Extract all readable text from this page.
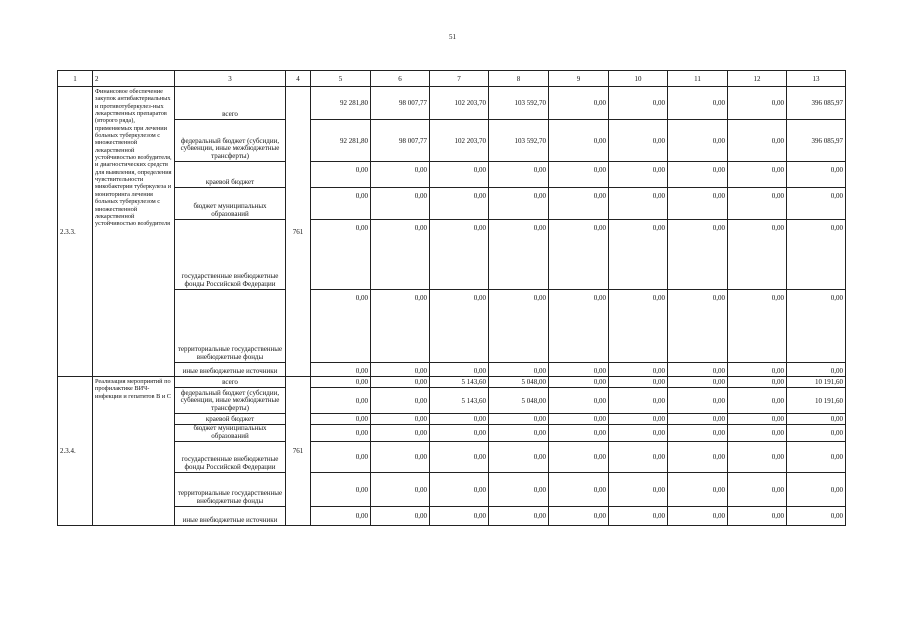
51
1	2	3	4	5	6	7	8	9	10	11	12	13
2.3.3.	Финансовое обеспечение закупок антибактериальных и противотуберкулез-ных лекарственных препаратов (второго ряда), применяемых при лечении больных туберкулезом с множественной лекарственной устойчивостью возбудителя, и диагностических средств для выявления, определения чувствительности микобактерии туберкулеза и мониторинга лечения больных туберкулезом с множественной лекарственной устойчивостью возбудителя	всего	761	92 281,80	98 007,77	102 203,70	103 592,70	0,00	0,00	0,00	0,00	396 085,97
		федеральный бюджет (субсидии, субвенции, иные межбюджетные трансферты)		92 281,80	98 007,77	102 203,70	103 592,70	0,00	0,00	0,00	0,00	396 085,97
		краевой бюджет		0,00	0,00	0,00	0,00	0,00	0,00	0,00	0,00	0,00
		бюджет муниципальных образований		0,00	0,00	0,00	0,00	0,00	0,00	0,00	0,00	0,00
		государственные внебюджетные фонды Российской Федерации		0,00	0,00	0,00	0,00	0,00	0,00	0,00	0,00	0,00
		территориальные государственные внебюджетные фонды		0,00	0,00	0,00	0,00	0,00	0,00	0,00	0,00	0,00
		иные внебюджетные источники		0,00	0,00	0,00	0,00	0,00	0,00	0,00	0,00	0,00
2.3.4.	Реализация мероприятий по профилактике ВИЧ-инфекции и гепатитов В и С	всего	761	0,00	0,00	5 143,60	5 048,00	0,00	0,00	0,00	0,00	10 191,60
		федеральный бюджет (субсидии, субвенции, иные межбюджетные трансферты)		0,00	0,00	5 143,60	5 048,00	0,00	0,00	0,00	0,00	10 191,60
		краевой бюджет		0,00	0,00	0,00	0,00	0,00	0,00	0,00	0,00	0,00
		бюджет муниципальных образований		0,00	0,00	0,00	0,00	0,00	0,00	0,00	0,00	0,00
		государственные внебюджетные фонды Российской Федерации		0,00	0,00	0,00	0,00	0,00	0,00	0,00	0,00	0,00
		территориальные государственные внебюджетные фонды		0,00	0,00	0,00	0,00	0,00	0,00	0,00	0,00	0,00
		иные внебюджетные источники		0,00	0,00	0,00	0,00	0,00	0,00	0,00	0,00	0,00
